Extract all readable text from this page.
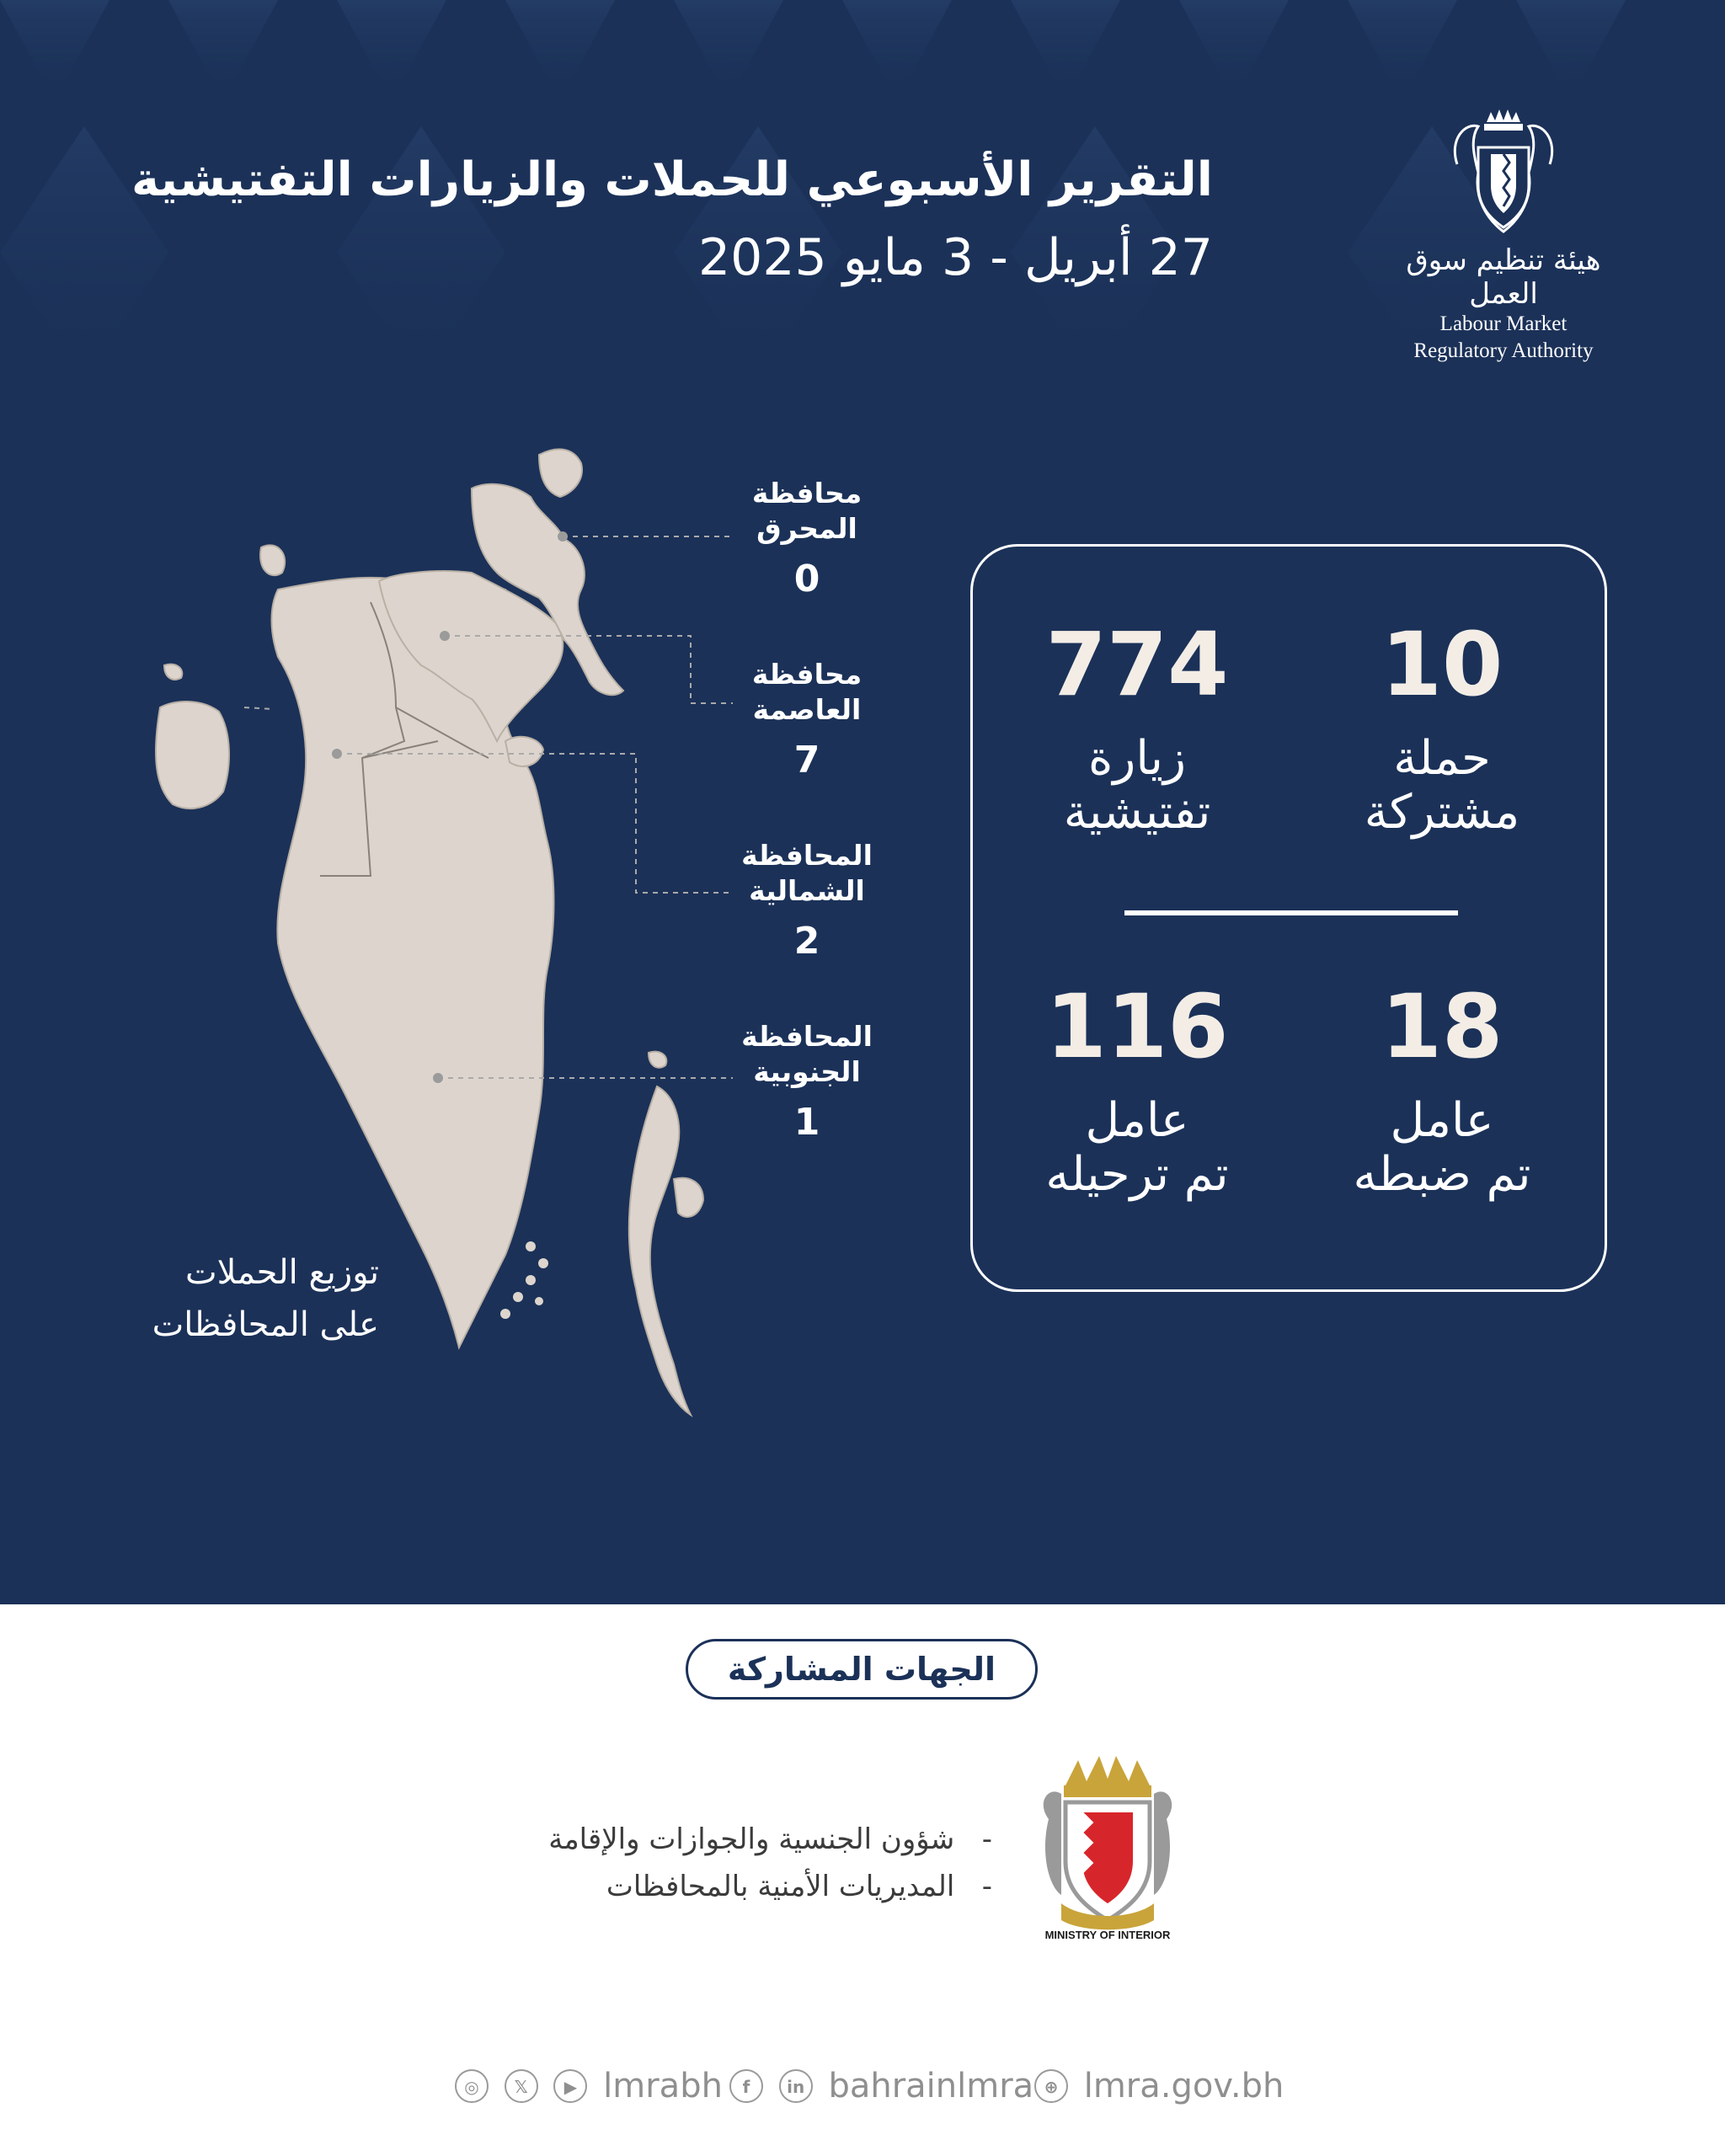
التقرير الأسبوعي للحملات والزيارات التفتيشية
27 أبريل - 3 مايو 2025	هيئة تنظيم سوق العمل
Labour Market
Regulatory Authority
محافظة
المحرق
0
محافظة
العاصمة
7
المحافظة
الشمالية
2
المحافظة
الجنوبية
1
توزيع الحملات
على المحافظات
10
حملة
مشتركة
774
زيارة
تفتيشية
18
عامل
تم ضبطه
116
عامل
تم ترحيله
الجهات المشاركة
MINISTRY OF INTERIOR
-   شؤون الجنسية والجوازات والإقامة
-   المديريات الأمنية بالمحافظات
◎ 𝕏 ▶ lmrabh	f in bahrainlmra ⊕ lmra.gov.bh
